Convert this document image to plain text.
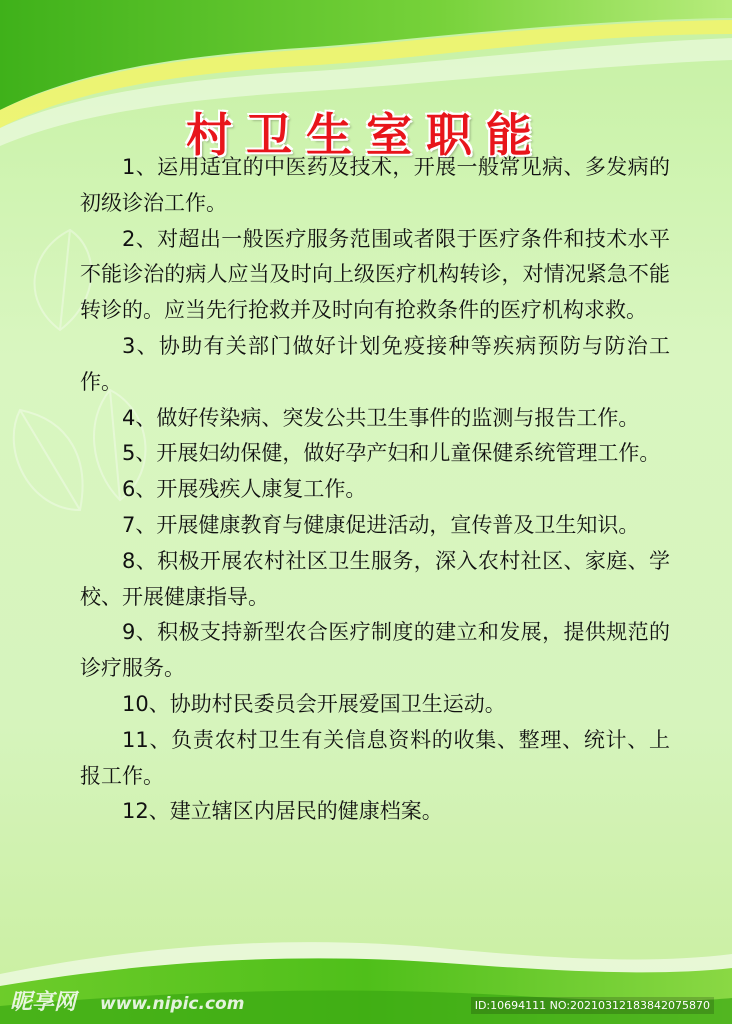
村卫生室职能

1、运用适宜的中医药及技术，开展一般常见病、多发病的初级诊治工作。

2、对超出一般医疗服务范围或者限于医疗条件和技术水平不能诊治的病人应当及时向上级医疗机构转诊，对情况紧急不能转诊的。应当先行抢救并及时向有抢救条件的医疗机构求救。

3、协助有关部门做好计划免疫接种等疾病预防与防治工作。

4、做好传染病、突发公共卫生事件的监测与报告工作。

5、开展妇幼保健，做好孕产妇和儿童保健系统管理工作。

6、开展残疾人康复工作。

7、开展健康教育与健康促进活动，宣传普及卫生知识。

8、积极开展农村社区卫生服务，深入农村社区、家庭、学校、开展健康指导。

9、积极支持新型农合医疗制度的建立和发展，提供规范的诊疗服务。

10、协助村民委员会开展爱国卫生运动。

11、负责农村卫生有关信息资料的收集、整理、统计、上报工作。

12、建立辖区内居民的健康档案。

昵享网 www.nipic.com	ID:10694111 NO:20210312183842075870
